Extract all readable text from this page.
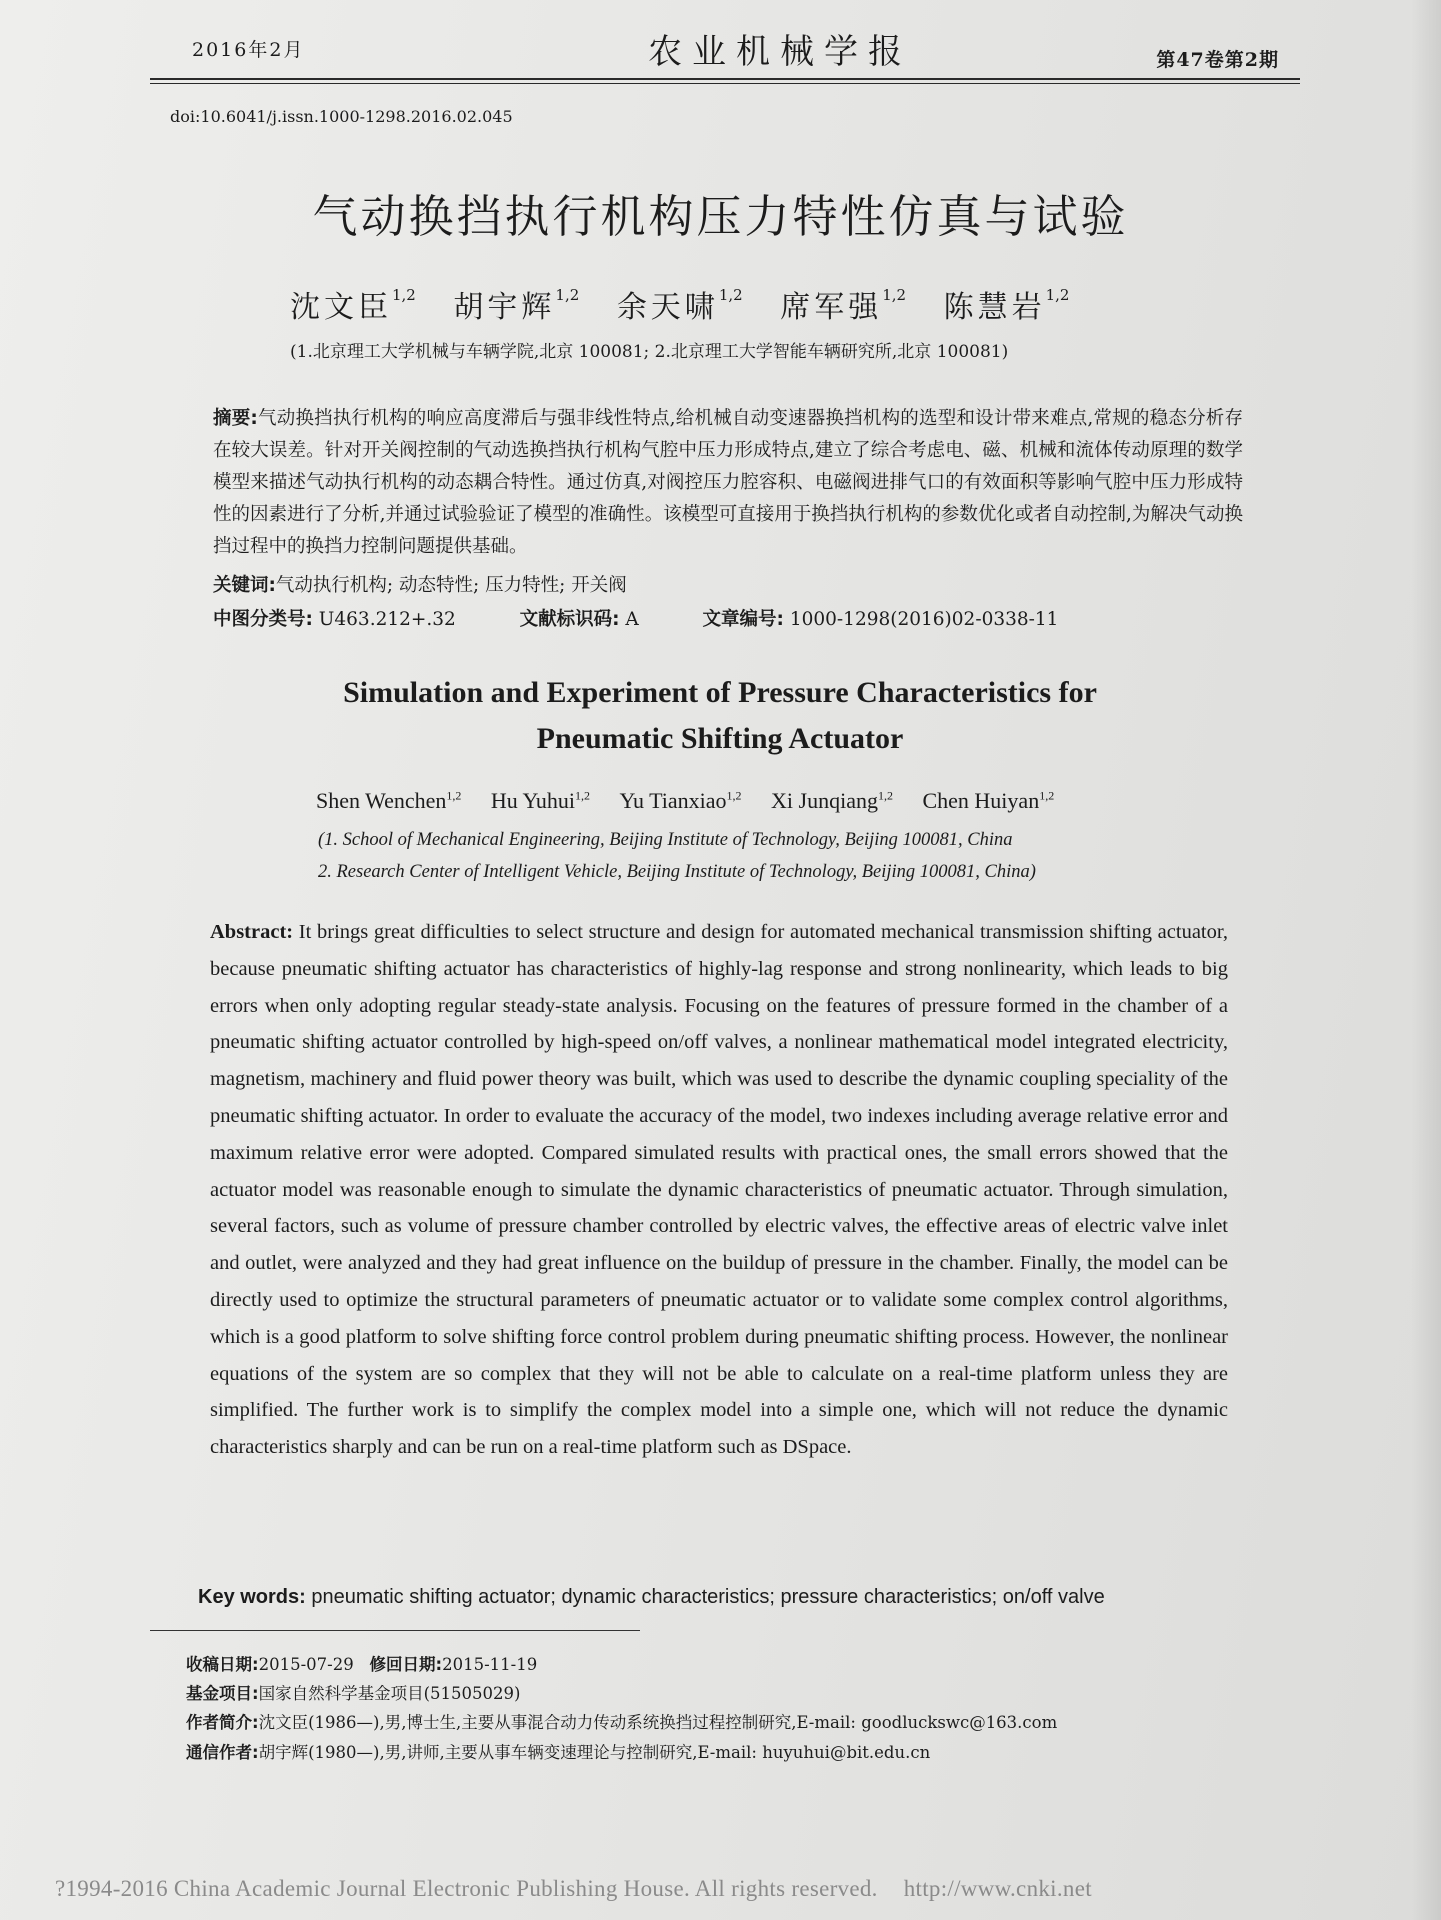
2016年2月	农业机械学报	第47卷第2期
doi:10.6041/j.issn.1000-1298.2016.02.045
气动换挡执行机构压力特性仿真与试验
沈文臣$^{1,2}$ 胡宇辉$^{1,2}$ 余天啸$^{1,2}$ 席军强$^{1,2}$ 陈慧岩$^{1,2}$
(1.北京理工大学机械与车辆学院,北京 100081; 2.北京理工大学智能车辆研究所,北京 100081)
摘要:气动换挡执行机构的响应高度滞后与强非线性特点,给机械自动变速器换挡机构的选型和设计带来难点,常规的稳态分析存在较大误差。针对开关阀控制的气动选换挡执行机构气腔中压力形成特点,建立了综合考虑电、磁、机械和流体传动原理的数学模型来描述气动执行机构的动态耦合特性。通过仿真,对阀控压力腔容积、电磁阀进排气口的有效面积等影响气腔中压力形成特性的因素进行了分析,并通过试验验证了模型的准确性。该模型可直接用于换挡执行机构的参数优化或者自动控制,为解决气动换挡过程中的换挡力控制问题提供基础。
关键词:气动执行机构; 动态特性; 压力特性; 开关阀
中图分类号: U463.212+.32	文献标识码: A	文章编号: 1000-1298(2016)02-0338-11
Simulation and Experiment of Pressure Characteristics for
Pneumatic Shifting Actuator
Shen Wenchen$^{1,2}$ Hu Yuhui$^{1,2}$ Yu Tianxiao$^{1,2}$ Xi Junqiang$^{1,2}$ Chen Huiyan$^{1,2}$
(1. School of Mechanical Engineering, Beijing Institute of Technology, Beijing 100081, China
2. Research Center of Intelligent Vehicle, Beijing Institute of Technology, Beijing 100081, China)
Abstract: It brings great difficulties to select structure and design for automated mechanical transmission shifting actuator, because pneumatic shifting actuator has characteristics of highly-lag response and strong nonlinearity, which leads to big errors when only adopting regular steady-state analysis. Focusing on the features of pressure formed in the chamber of a pneumatic shifting actuator controlled by high-speed on/off valves, a nonlinear mathematical model integrated electricity, magnetism, machinery and fluid power theory was built, which was used to describe the dynamic coupling speciality of the pneumatic shifting actuator. In order to evaluate the accuracy of the model, two indexes including average relative error and maximum relative error were adopted. Compared simulated results with practical ones, the small errors showed that the actuator model was reasonable enough to simulate the dynamic characteristics of pneumatic actuator. Through simulation, several factors, such as volume of pressure chamber controlled by electric valves, the effective areas of electric valve inlet and outlet, were analyzed and they had great influence on the buildup of pressure in the chamber. Finally, the model can be directly used to optimize the structural parameters of pneumatic actuator or to validate some complex control algorithms, which is a good platform to solve shifting force control problem during pneumatic shifting process. However, the nonlinear equations of the system are so complex that they will not be able to calculate on a real-time platform unless they are simplified. The further work is to simplify the complex model into a simple one, which will not reduce the dynamic characteristics sharply and can be run on a real-time platform such as DSpace.
Key words: pneumatic shifting actuator; dynamic characteristics; pressure characteristics; on/off valve
收稿日期:2015-07-29 修回日期:2015-11-19
基金项目:国家自然科学基金项目(51505029)
作者简介:沈文臣(1986—),男,博士生,主要从事混合动力传动系统换挡过程控制研究,E-mail: goodluckswc@163.com
通信作者:胡宇辉(1980—),男,讲师,主要从事车辆变速理论与控制研究,E-mail: huyuhui@bit.edu.cn
?1994-2016 China Academic Journal Electronic Publishing House. All rights reserved. http://www.cnki.net
